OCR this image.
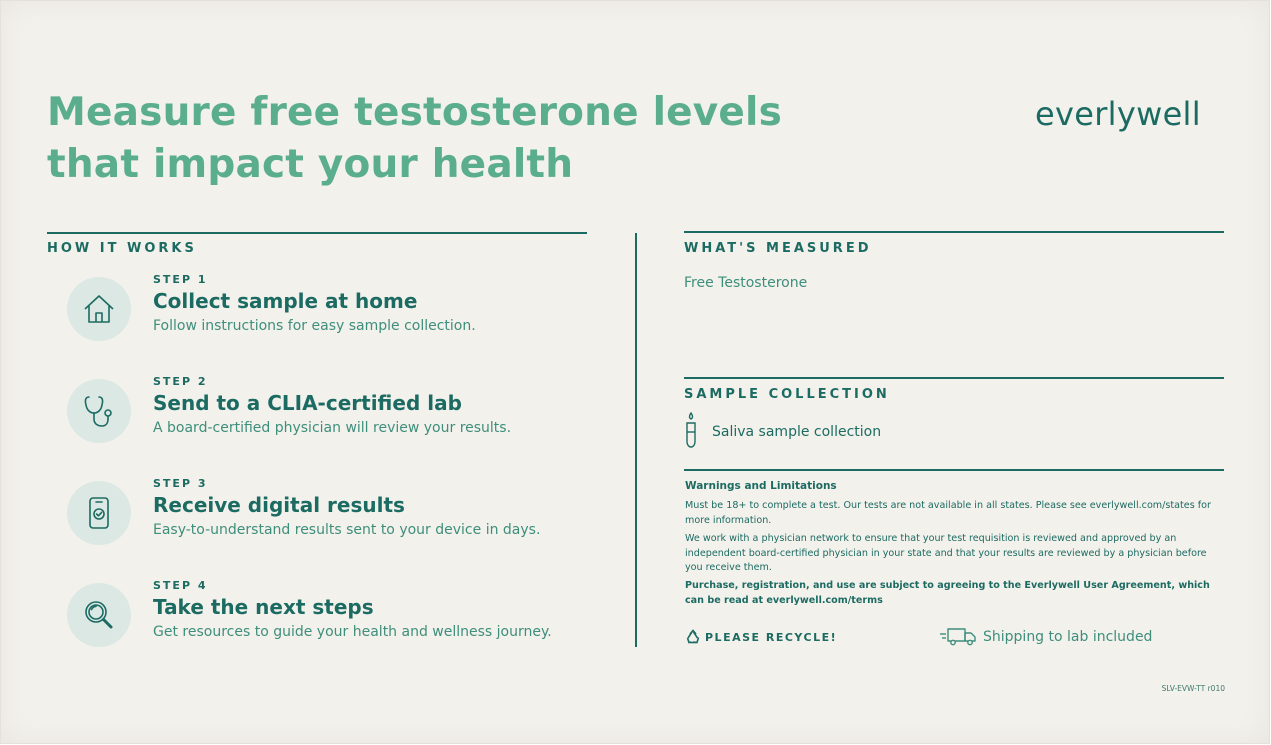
Measure free testosterone levels
that impact your health
everlywell
HOW IT WORKS
STEP 1
Collect sample at home
Follow instructions for easy sample collection.
STEP 2
Send to a CLIA-certified lab
A board-certified physician will review your results.
STEP 3
Receive digital results
Easy-to-understand results sent to your device in days.
STEP 4
Take the next steps
Get resources to guide your health and wellness journey.
WHAT'S MEASURED
Free Testosterone
SAMPLE COLLECTION
Saliva sample collection
Warnings and Limitations

Must be 18+ to complete a test. Our tests are not available in all states. Please see everlywell.com/states for more information.

We work with a physician network to ensure that your test requisition is reviewed and approved by an independent board-certified physician in your state and that your results are reviewed by a physician before you receive them.

Purchase, registration, and use are subject to agreeing to the Everlywell User Agreement, which can be read at everlywell.com/terms

PLEASE RECYCLE!	Shipping to lab included
SLV-EVW-TT r010
